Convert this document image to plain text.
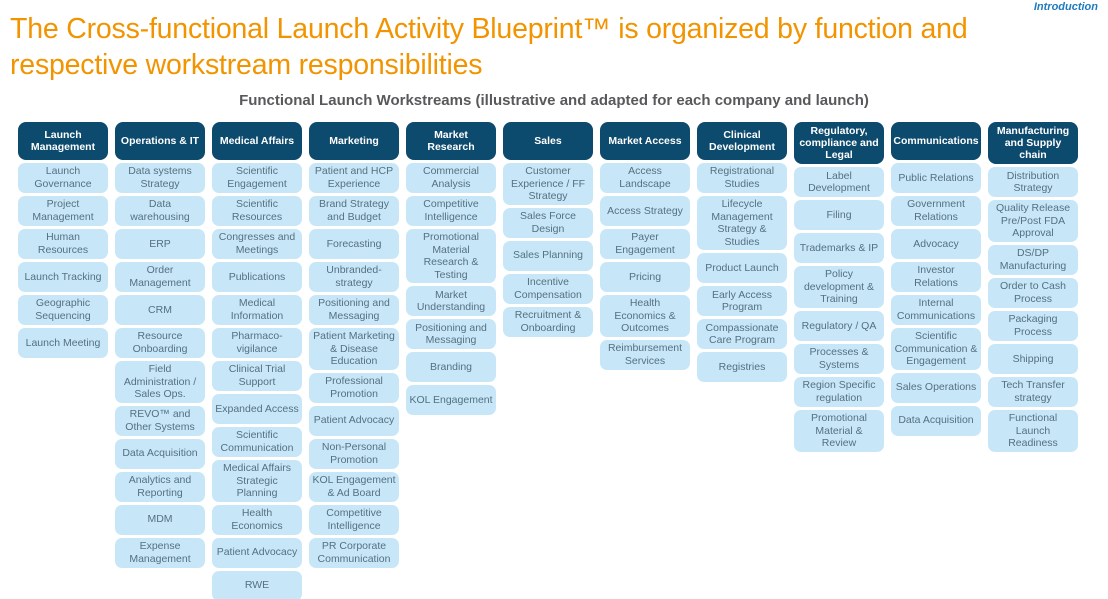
Introduction
The Cross-functional Launch Activity Blueprint™ is organized by function and respective workstream responsibilities
Functional Launch Workstreams (illustrative and adapted for each company and launch)
Launch Management
Launch Governance
Project Management
Human Resources
Launch Tracking
Geographic Sequencing
Launch Meeting
Operations & IT
Data systems Strategy
Data warehousing
ERP
Order Management
CRM
Resource Onboarding
Field Administration / Sales Ops.
REVO™ and Other Systems
Data Acquisition
Analytics and Reporting
MDM
Expense Management
Medical Affairs
Scientific Engagement
Scientific Resources
Congresses and Meetings
Publications
Medical Information
Pharmaco-vigilance
Clinical Trial Support
Expanded Access
Scientific Communication
Medical Affairs Strategic Planning
Health Economics
Patient Advocacy
RWE
Marketing
Patient and HCP Experience
Brand Strategy and Budget
Forecasting
Unbranded-strategy
Positioning and Messaging
Patient Marketing & Disease Education
Professional Promotion
Patient Advocacy
Non-Personal Promotion
KOL Engagement & Ad Board
Competitive Intelligence
PR Corporate Communication
Market Research
Commercial Analysis
Competitive Intelligence
Promotional Material Research & Testing
Market Understanding
Positioning and Messaging
Branding
KOL Engagement
Sales
Customer Experience / FF Strategy
Sales Force Design
Sales Planning
Incentive Compensation
Recruitment & Onboarding
Market Access
Access Landscape
Access Strategy
Payer Engagement
Pricing
Health Economics & Outcomes
Reimbursement Services
Clinical Development
Registrational Studies
Lifecycle Management Strategy & Studies
Product Launch
Early Access Program
Compassionate Care Program
Registries
Regulatory, compliance and Legal
Label Development
Filing
Trademarks & IP
Policy development & Training
Regulatory / QA
Processes & Systems
Region Specific regulation
Promotional Material & Review
Communications
Public Relations
Government Relations
Advocacy
Investor Relations
Internal Communications
Scientific Communication & Engagement
Sales Operations
Data Acquisition
Manufacturing and Supply chain
Distribution Strategy
Quality Release Pre/Post FDA Approval
DS/DP Manufacturing
Order to Cash Process
Packaging Process
Shipping
Tech Transfer strategy
Functional Launch Readiness
